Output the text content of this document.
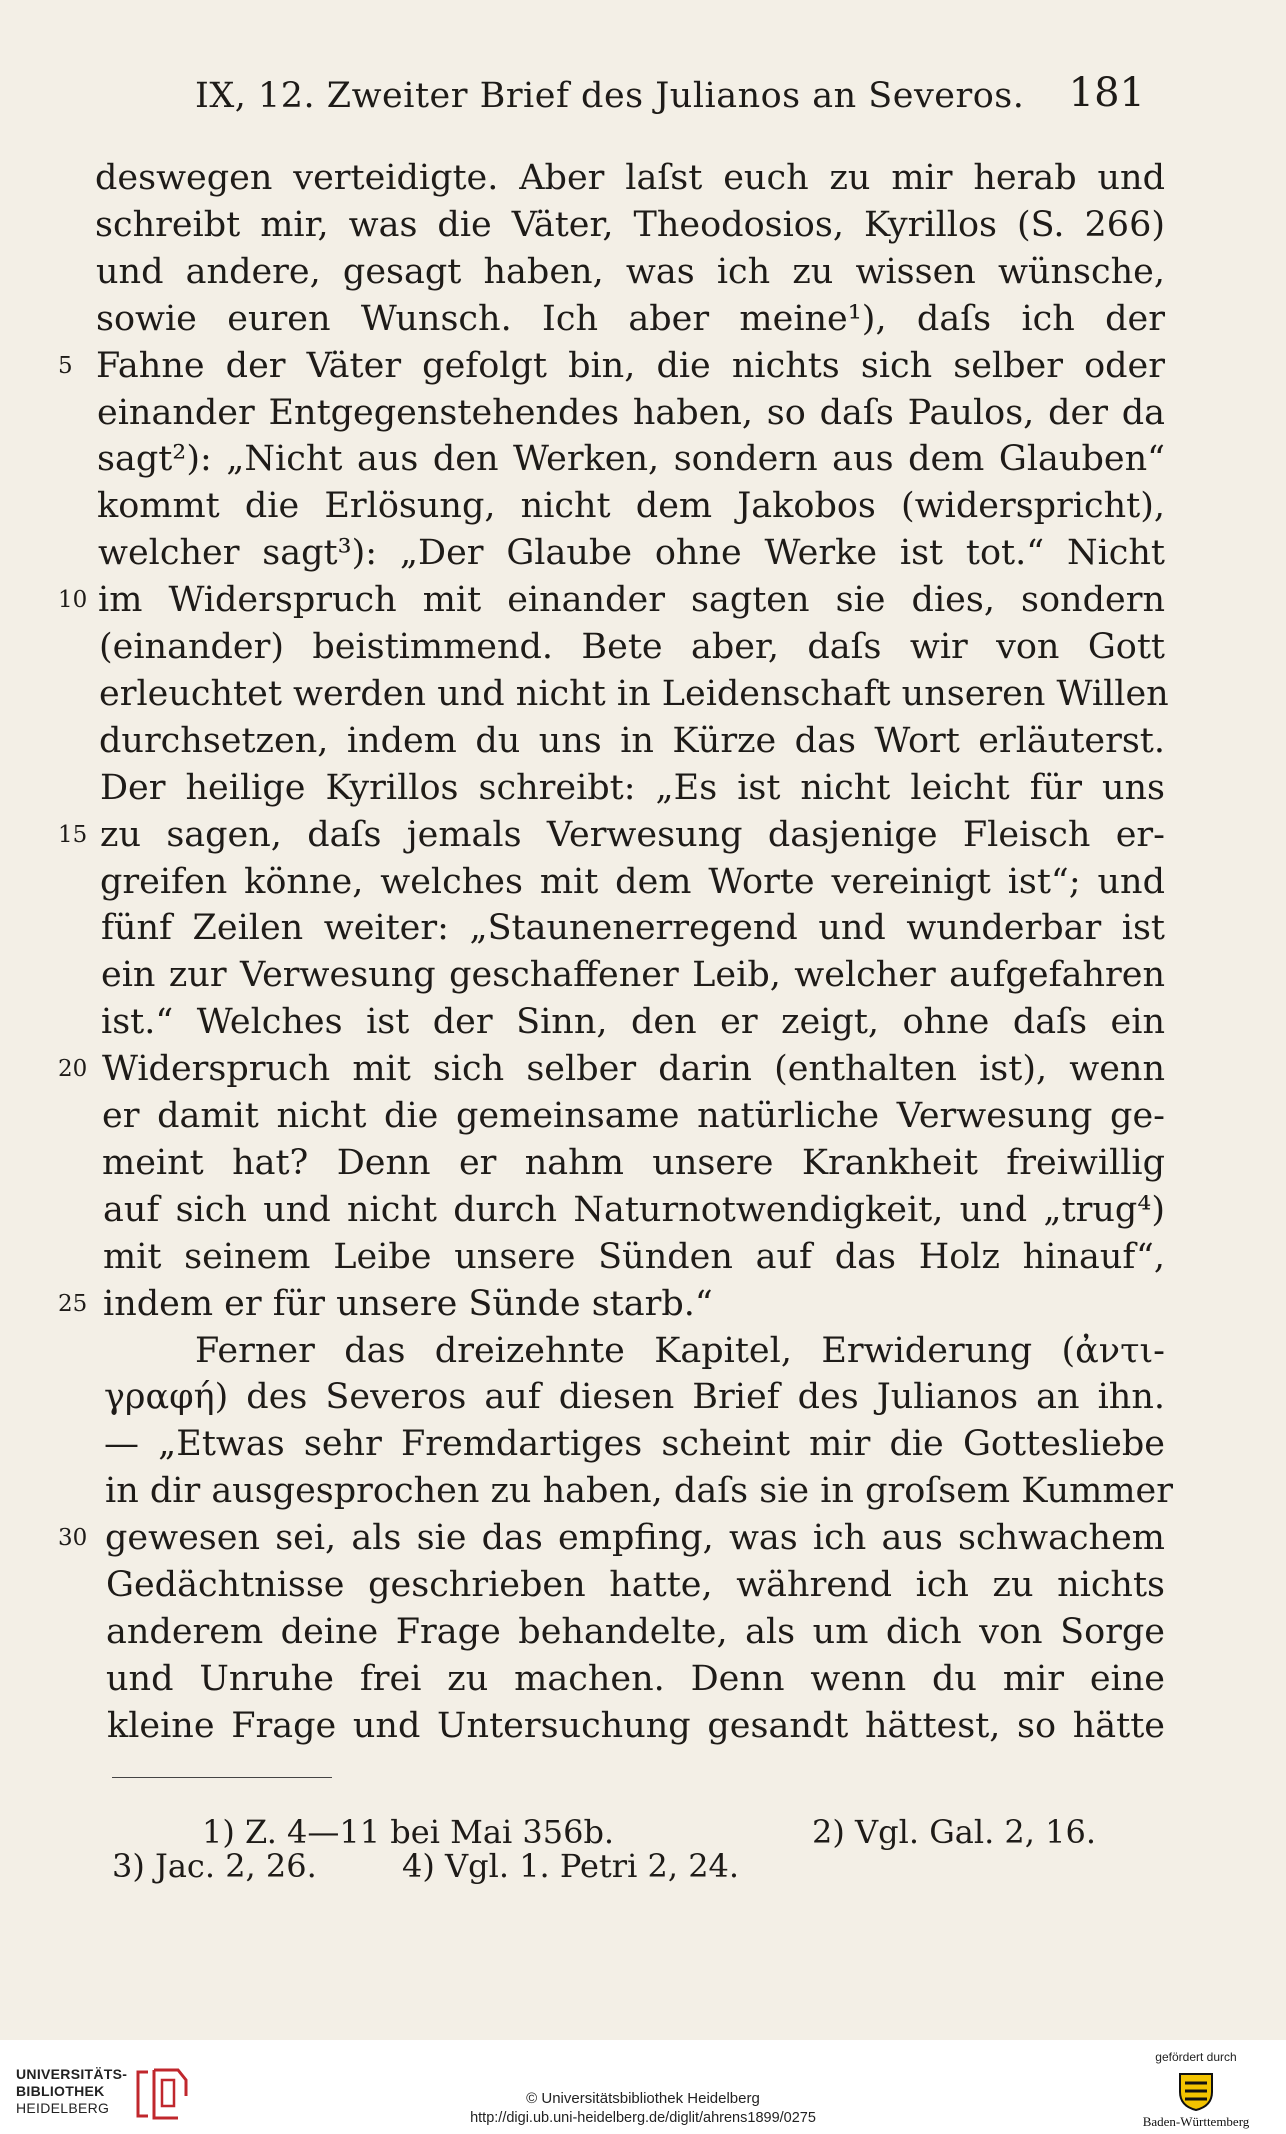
IX, 12. Zweiter Brief des Julianos an Severos. 181
deswegen verteidigte. Aber laſst euch zu mir herab und
schreibt mir, was die Väter, Theodosios, Kyrillos (S. 266)
und andere, gesagt haben, was ich zu wissen wünsche,
sowie euren Wunsch. Ich aber meine¹), daſs ich der
5 Fahne der Väter gefolgt bin, die nichts sich selber oder
einander Entgegenstehendes haben, so daſs Paulos, der da
sagt²): „Nicht aus den Werken, sondern aus dem Glauben“
kommt die Erlösung, nicht dem Jakobos (widerspricht),
welcher sagt³): „Der Glaube ohne Werke ist tot.“ Nicht
10 im Widerspruch mit einander sagten sie dies, sondern
(einander) beistimmend. Bete aber, daſs wir von Gott
erleuchtet werden und nicht in Leidenschaft unseren Willen
durchsetzen, indem du uns in Kürze das Wort erläuterst.
Der heilige Kyrillos schreibt: „Es ist nicht leicht für uns
15 zu sagen, daſs jemals Verwesung dasjenige Fleisch er-
greifen könne, welches mit dem Worte vereinigt ist“; und
fünf Zeilen weiter: „Staunenerregend und wunderbar ist
ein zur Verwesung geschaffener Leib, welcher aufgefahren
ist.“ Welches ist der Sinn, den er zeigt, ohne daſs ein
20 Widerspruch mit sich selber darin (enthalten ist), wenn
er damit nicht die gemeinsame natürliche Verwesung ge-
meint hat? Denn er nahm unsere Krankheit freiwillig
auf sich und nicht durch Naturnotwendigkeit, und „trug⁴)
mit seinem Leibe unsere Sünden auf das Holz hinauf“,
25 indem er für unsere Sünde starb.“
Ferner das dreizehnte Kapitel, Erwiderung (ἀντι-
γραφή) des Severos auf diesen Brief des Julianos an ihn.
— „Etwas sehr Fremdartiges scheint mir die Gottesliebe
in dir ausgesprochen zu haben, daſs sie in groſsem Kummer
30 gewesen sei, als sie das empfing, was ich aus schwachem
Gedächtnisse geschrieben hatte, während ich zu nichts
anderem deine Frage behandelte, als um dich von Sorge
und Unruhe frei zu machen. Denn wenn du mir eine
kleine Frage und Untersuchung gesandt hättest, so hätte
1) Z. 4—11 bei Mai 356b.	2) Vgl. Gal. 2, 16.
3) Jac. 2, 26.	4) Vgl. 1. Petri 2, 24.
UNIVERSITÄTS-
BIBLIOTHEK
HEIDELBERG
© Universitätsbibliothek Heidelberg
http://digi.ub.uni-heidelberg.de/diglit/ahrens1899/0275
gefördert durch
Baden-Württemberg
